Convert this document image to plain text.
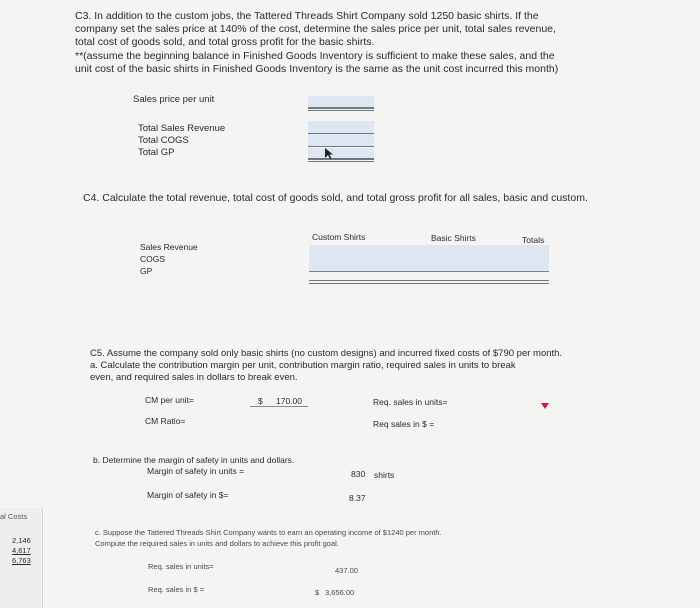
al Costs
2,146
4,617
6,763
C3. In addition to the custom jobs, the Tattered Threads Shirt Company sold 1250 basic shirts. If the
company set the sales price at 140% of the cost, determine the sales price per unit, total sales revenue,
total cost of goods sold, and total gross profit for the basic shirts.
**(assume the beginning balance in Finished Goods Inventory is sufficient to make these sales, and the
unit cost of the basic shirts in Finished Goods Inventory is the same as the unit cost incurred this month)
Sales price per unit
Total Sales Revenue
Total COGS
Total GP
C4. Calculate the total revenue, total cost of goods sold, and total gross profit for all sales, basic and custom.
Custom Shirts	Basic Shirts	Totals
Sales Revenue
COGS
GP
C5. Assume the company sold only basic shirts (no custom designs) and incurred fixed costs of $790 per month.
a. Calculate the contribution margin per unit, contribution margin ratio, required sales in units to break
even, and required sales in dollars to break even.
CM per unit=	$ 170.00	Req. sales in units=
CM Ratio=	Req sales in $ =
b. Determine the margin of safety in units and dollars.
Margin of safety in units =	830 shirts
Margin of safety in $=	8.37
c. Suppose the Tattered Threads Shirt Company wants to earn an operating income of $1240 per month.
Compute the required sales in units and dollars to achieve this profit goal.
Req. sales in units=	437.00
Req. sales in $ =	$ 3,656.00
